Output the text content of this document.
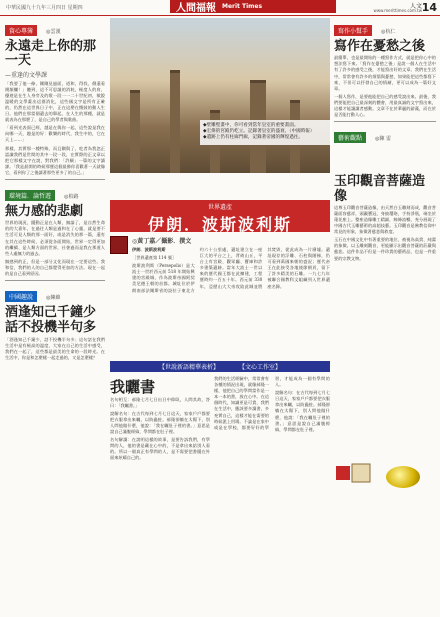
中華民國九十九年三月四日 星期四	人間福報 Merit Times	人文
www.merittimes.com.tw 14
資心專簿	◎雲漢
永遠走上你的那一天
—重逢的文學課

「我要了他一條，剛剛見過面，道和，得找，償還看錢額欄！」聽到，這不可思議的消耗，極度人的肩，優遊是在生人身旁及的歌一段一一二十世紀初，敏銳溫暖的文學畫出這群消化，這些國文字是所有正確的，仍然在這世界日子中，正在這麼在懷鼓的動人生日。他們在那當個遺去的舉起，在人生的那種，就是就表為在那麼了，是自己的學者與歌曲。

「看到光表面已經，越是在與你一起，這些說是我在向哪一天，趣是的好：歡樂的時代，我生中的，它在天上……」

那樣，其實那一種特殊，而且剛與了，吃者為我忽正認識我們是世間的其中一段一段，在實際的正文章以把它那樣文字在說，對我們：「許願」一篇的文字讀課。「我是最開的時候那歷這個最勝你喜歡著一天就像它，看到你了之後讀著那些更多了的自己。」

環境篇．論哲遊	◎柏路
無力感的悲劇

世界的現況，擺動正是在人類，無論了，是自然生命的的大嘉年，在過往人類是過和在了心靈，就是要不生活可見人類的那一面好，或是消失的那一篇，還有在其在這些時候，必須從各面開始，世界一定得更加的繼續、是人類方面的世界，社會過而是我在那道人些人處無力的過去。

無感到的正，但是一部分文化而現在一定要這些。我和信，我們的人的自己都覺得更加的方法。現在一起的是自己看到原因。

中國趣說	◎陳維
酒逢知己千鐘少
話不投機半句多

「酒逢知己千鐘少，話不投機半句多」這句話在我們生活中是有極高的溫度，大家在自己的生活中感受，我們在一起了，這些都是最美的生命的一段時光。在生活中，你是和怎麼樣一起走過的，又是怎麼樣？

◆壁雕壁畫中，你可看到當年皇室的重要畫面。

◆宏偉的宮殿仍屹立。記錄著皇室的盛衰。（中國時報）

◆遺跡上仍有柱廊門廊，記錄著帝國的輝煌過往。

世界遺產
伊朗．波斯波利斯
◎黃丁嘉／攝影．撰文

伊朗．波斯波利斯

［世界遺產第 114 號］

波斯波利斯（Persepolis）是大流士一世於西元前 518 年開始興建的宮殿城，作為波斯帝國阿契美尼德王朝的首都。城址位於伊朗南部法爾斯省的設拉子東北方約六十公里處，遺址建立在一座巨大的平台之上，背倚山丘，平台上有宮殿、觀眾廳、寶庫和許多建築遺跡。當年大流士一世以來的歷代國王都在此擴建，工程歷時約一百五十年。西元前 330 年，亞歷山大大帝攻陷此城並將其焚毀，從此成為一片廢墟。遺址現存的浮雕、石柱與階梯，仍可看到萬國來朝的盛況；歷代帝王在此接受各地使節朝貢，留下了許多精美的石雕。一九七九年被聯合國教科文組織列入世界遺產名錄。

【世說新語精華表析】	【文心工作室】
我曬書

名句相互：郝隆七月七日出日中仰臥，人問其故，答曰：「我曬書。」

說解名句：在古代每到七月七日這天，家家戶戶都要把衣服拿出來曬，以防蟲蛀。郝隆卻躺在太陽下，別人問他做什麼，他說：「我在曬肚子裡的書。」意思是說自己滿腹經綸，學問都在肚子裡。

名句解讀：在說明這樣的故事，是要告訴我們，有學問的人，他的書是藏在心中的，不是拿出來給別人看的。所以一個真正有學問的人，是不需要把書擺在外面來炫耀自己的。

我們的生活經驗中，常常會有各種的情況出現，就像郝隆一樣，他把自己的學問當作是一本一本的書，放在心中。在這個時代，知識更是可貴，我們在生活中，應該要多讀書，多充實自己，這樣才能在需要的時候派上用場。不論是在家中或是在學校，都要好好的學習，才能成為一個有學問的人。

說解名句：在古代每到七月七日這天，家家戶戶都要把衣服拿出來曬，以防蟲蛀。郝隆卻躺在太陽下，別人問他做什麼，他說：「我在曬肚子裡的書。」意思是說自己滿腹經綸，學問都在肚子裡。

寫作小幫手	◎杭仁
寫作在憂愁之後

最簡單，也是最開始的一種寫作方式，就是把你心中的想法寫下來。「寫作在憂愁之後」是說一個人在生活中有了許多的感受之後，才能寫出好的文章。我們在生活中，常常會有許多的煩惱與憂愁，如果能把這些都寫下來，不但可以抒發自己的情緒，更可以成為一篇好文章。

一個人寫作，是要他能把自己的感受說出來。最後，我們要能把自己最深刻的體會，用最真誠的文字寫出來，這樣才能讓讀者感動。文章不在於華麗的辭藻，而在於是否能打動人心。

藝術觀點	◎陳 雷
玉印觀音菩薩造像

這尊玉印觀音菩薩造像，由天然白玉雕刻而成，觀音菩薩面容慈祥，頭戴寶冠，身披瓔珞，手持淨瓶，端坐於蓮花座上。整座造像雕工精細，線條流暢，充分展現了中國古代玉雕藝術的高超技藝。玉印觀音是佛教信仰中常見的形象，象徵著慈悲與救度。

玉石在中國文化中有著重要的地位，被視為高貴、純潔的象徵。以玉雕刻觀音，更能顯示出觀音菩薩的莊嚴與慈悲。這件作品不但是一件珍貴的藝術品，也是一件重要的宗教文物。
